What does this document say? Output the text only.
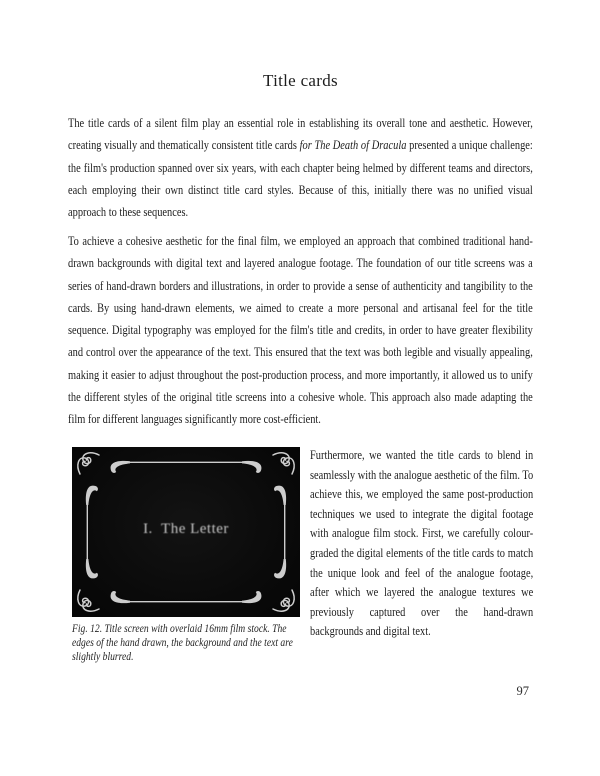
Title cards

The title cards of a silent film play an essential role in establishing its overall tone and aesthetic. However, creating visually and thematically consistent title cards for The Death of Dracula presented a unique challenge: the film's production spanned over six years, with each chapter being helmed by different teams and directors, each employing their own distinct title card styles. Because of this, initially there was no unified visual approach to these sequences.

To achieve a cohesive aesthetic for the final film, we employed an approach that combined traditional hand-drawn backgrounds with digital text and layered analogue footage. The foundation of our title screens was a series of hand-drawn borders and illustrations, in order to provide a sense of authenticity and tangibility to the cards. By using hand-drawn elements, we aimed to create a more personal and artisanal feel for the title sequence. Digital typography was employed for the film's title and credits, in order to have greater flexibility and control over the appearance of the text. This ensured that the text was both legible and visually appealing, making it easier to adjust throughout the post-production process, and more importantly, it allowed us to unify the different styles of the original title screens into a cohesive whole. This approach also made adapting the film for different languages significantly more cost-efficient.

I.  The Letter
Fig. 12. Title screen with overlaid 16mm film stock. The edges of the hand drawn, the background and the text are slightly blurred.

Furthermore, we wanted the title cards to blend in seamlessly with the analogue aesthetic of the film. To achieve this, we employed the same post-production techniques we used to integrate the digital footage with analogue film stock. First, we carefully colour-graded the digital elements of the title cards to match the unique look and feel of the analogue footage, after which we layered the analogue textures we previously captured over the hand-drawn backgrounds and digital text.

97
